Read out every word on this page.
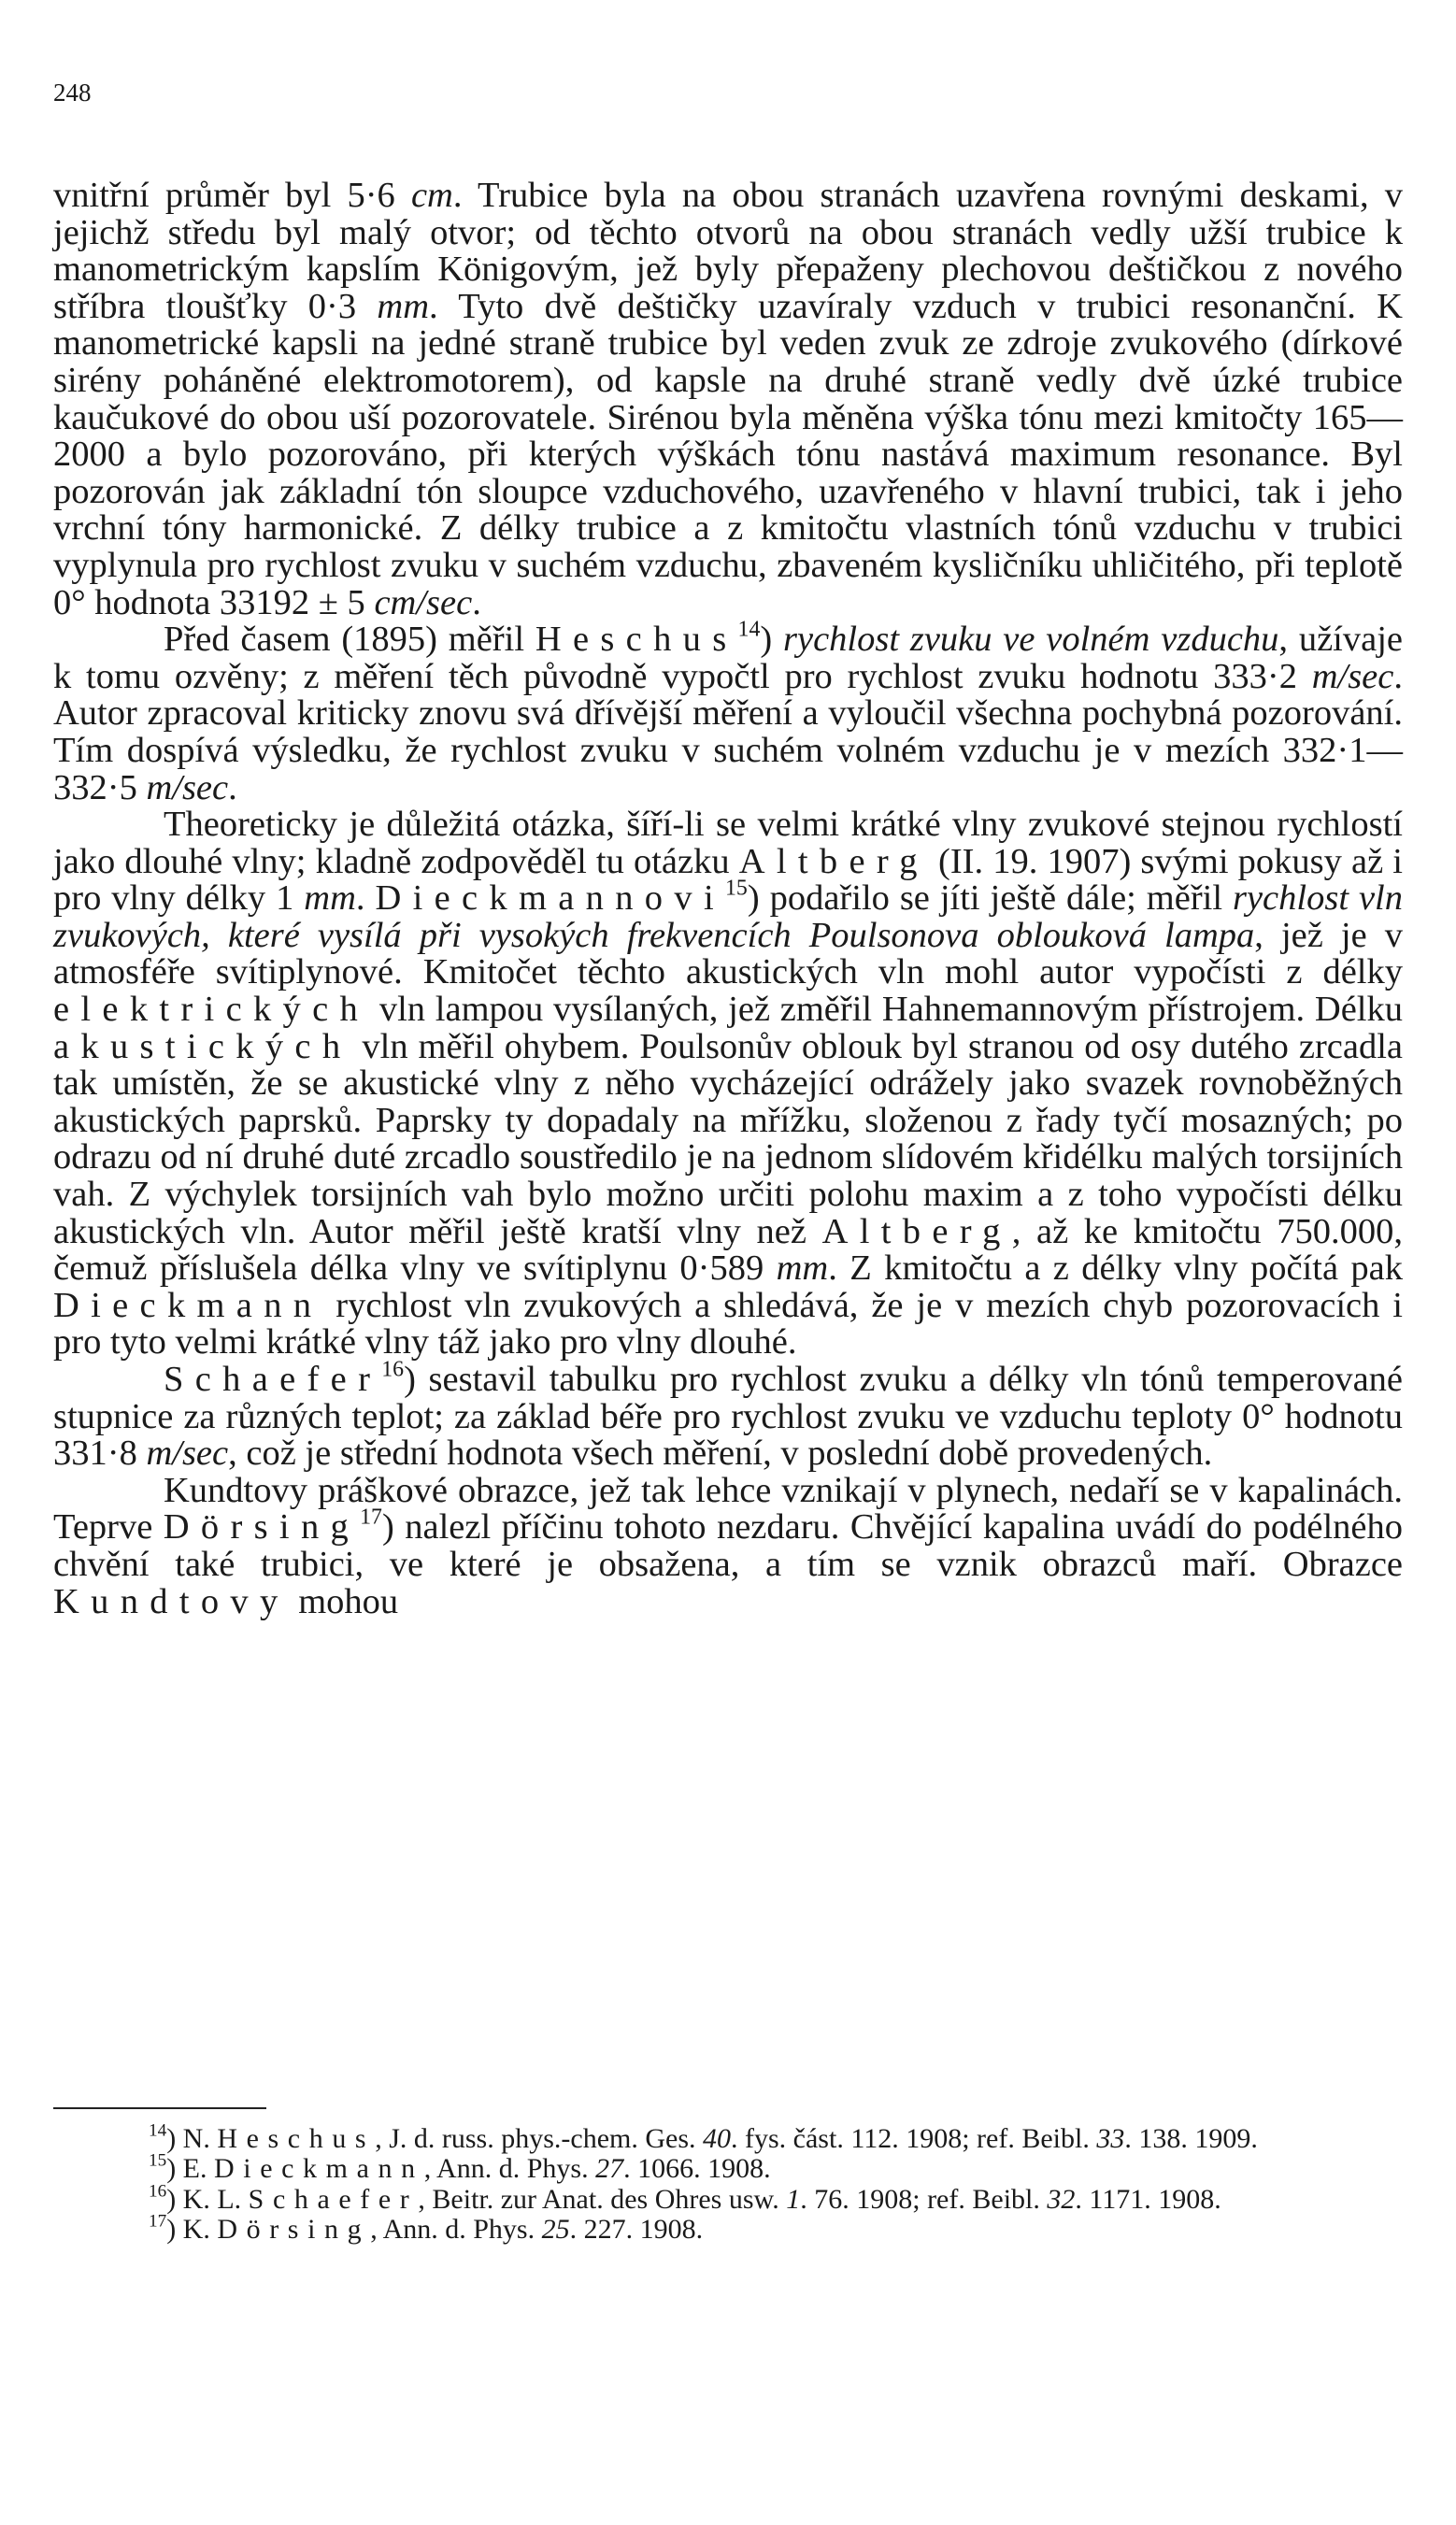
248

vnitřní průměr byl 5·6 cm. Trubice byla na obou stranách uzavřena rovnými deskami, v jejichž středu byl malý otvor; od těchto otvorů na obou stranách vedly užší trubice k manometrickým kapslím Königovým, jež byly přepaženy plechovou deštičkou z nového stříbra tloušťky 0·3 mm. Tyto dvě deštičky uzavíraly vzduch v trubici resonanční. K manometrické kapsli na jedné straně trubice byl veden zvuk ze zdroje zvukového (dírkové sirény poháněné elektromotorem), od kapsle na druhé straně vedly dvě úzké trubice kaučukové do obou uší pozorovatele. Sirénou byla měněna výška tónu mezi kmitočty 165—2000 a bylo pozorováno, při kterých výškách tónu nastává maximum resonance. Byl pozorován jak základní tón sloupce vzduchového, uzavřeného v hlavní trubici, tak i jeho vrchní tóny harmonické. Z délky trubice a z kmitočtu vlastních tónů vzduchu v trubici vyplynula pro rychlost zvuku v suchém vzduchu, zbaveném kysličníku uhličitého, při teplotě 0° hodnota 33192 ± 5 cm/sec.

Před časem (1895) měřil Heschus$^{14}$) rychlost zvuku ve volném vzduchu, užívaje k tomu ozvěny; z měření těch původně vypočtl pro rychlost zvuku hodnotu 333·2 m/sec. Autor zpracoval kriticky znovu svá dřívější měření a vyloučil všechna pochybná pozorování. Tím dospívá výsledku, že rychlost zvuku v suchém volném vzduchu je v mezích 332·1—332·5 m/sec.

Theoreticky je důležitá otázka, šíří-li se velmi krátké vlny zvukové stejnou rychlostí jako dlouhé vlny; kladně zodpověděl tu otázku Altberg (II. 19. 1907) svými pokusy až i pro vlny délky 1 mm. Dieckmannovi$^{15}$) podařilo se jíti ještě dále; měřil rychlost vln zvukových, které vysílá při vysokých frekvencích Poulsonova oblouková lampa, jež je v atmosféře svítiplynové. Kmitočet těchto akustických vln mohl autor vypočísti z délky elektrických vln lampou vysílaných, jež změřil Hahnemannovým přístrojem. Délku akustických vln měřil ohybem. Poulsonův oblouk byl stranou od osy dutého zrcadla tak umístěn, že se akustické vlny z něho vycházející odrážely jako svazek rovnoběžných akustických paprsků. Paprsky ty dopadaly na mřížku, složenou z řady tyčí mosazných; po odrazu od ní druhé duté zrcadlo soustředilo je na jednom slídovém křidélku malých torsijních vah. Z výchylek torsijních vah bylo možno určiti polohu maxim a z toho vypočísti délku akustických vln. Autor měřil ještě kratší vlny než Altberg, až ke kmitočtu 750.000, čemuž příslušela délka vlny ve svítiplynu 0·589 mm. Z kmitočtu a z délky vlny počítá pak Dieckmann rychlost vln zvukových a shledává, že je v mezích chyb pozorovacích i pro tyto velmi krátké vlny táž jako pro vlny dlouhé.

Schaefer$^{16}$) sestavil tabulku pro rychlost zvuku a délky vln tónů temperované stupnice za různých teplot; za základ béře pro rychlost zvuku ve vzduchu teploty 0° hodnotu 331·8 m/sec, což je střední hodnota všech měření, v poslední době provedených.

Kundtovy práškové obrazce, jež tak lehce vznikají v plynech, nedaří se v kapalinách. Teprve Dörsing$^{17}$) nalezl příčinu tohoto nezdaru. Chvějící kapalina uvádí do podélného chvění také trubici, ve které je obsažena, a tím se vznik obrazců maří. Obrazce Kundtovy mohou

$^{14}$) N. Heschus, J. d. russ. phys.-chem. Ges. 40. fys. část. 112. 1908; ref. Beibl. 33. 138. 1909.

$^{15}$) E. Dieckmann, Ann. d. Phys. 27. 1066. 1908.

$^{16}$) K. L. Schaefer, Beitr. zur Anat. des Ohres usw. 1. 76. 1908; ref. Beibl. 32. 1171. 1908.

$^{17}$) K. Dörsing, Ann. d. Phys. 25. 227. 1908.
